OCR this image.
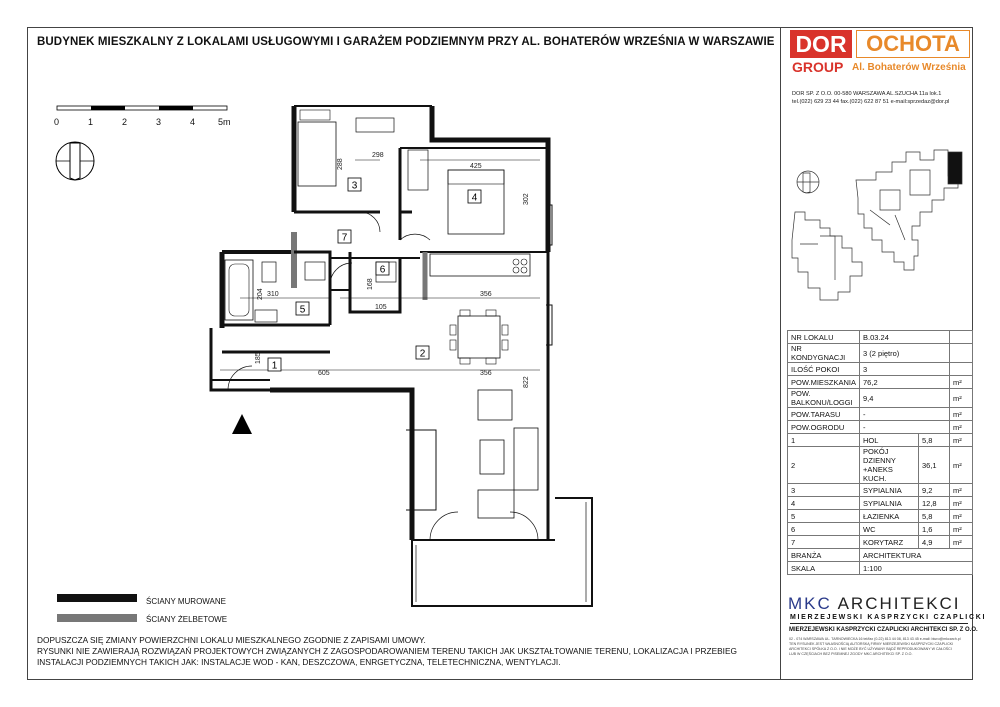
BUDYNEK MIESZKALNY Z LOKALAMI USŁUGOWYMI I GARAŻEM PODZIEMNYM PRZY AL. BOHATERÓW WRZEŚNIA W WARSZAWIE DOR OCHOTA
GROUP Al. Bohaterów Września
DOR SP. Z O.O. 00-580 WARSZAWA AL.SZUCHA 11a lok.1
tel.(022) 629 23 44 fax.(022) 622 87 51 e-mail:sprzedaz@dor.pl
3
4
7
6
5
2
1
298
288	425
302
310
204	356
105
168
185
605	356
822
0	1	2	3	4	5m
NR LOKALU	B.03.24		
NR KONDYGNACJI	3 (2 piętro)		
ILOŚĆ POKOI	3		
POW.MIESZKANIA	76,2		m²
POW. BALKONU/LOGGI	9,4		m²
POW.TARASU	-		m²
POW.OGRODU	-		m²
1	HOL	5,8	m²
2	POKÓJ DZIENNY +ANEKS KUCH.	36,1	m²
3	SYPIALNIA	9,2	m²
4	SYPIALNIA	12,8	m²
5	ŁAZIENKA	5,8	m²
6	WC	1,6	m²
7	KORYTARZ	4,9	m²
BRANŻA	ARCHITEKTURA		
SKALA	1:100		
MKC ARCHITEKCI
MIERZEJEWSKI KASPRZYCKI CZAPLICKI
MIERZEJEWSKI KASPRZYCKI CZAPLICKI ARCHITEKCI SP. Z O.O.
02 - 074 WARSZAWA UL. TARNOWIECKA 16 tel/fax (0-22) 813 44 08, 813 43 45 e-mail: biuro@mkcarch.pl
TEN RYSUNEK JEST WŁASNOŚCIĄ AUTORSKĄ FIRMY MIERZEJEWSKI KASPRZYCKI CZAPLICKI
ARCHITEKCI SPÓŁKA Z O.O. I NIE MOŻE BYĆ UŻYWANY BĄDŹ REPRODUKOWANY W CAŁOŚCI
LUB W CZĘŚCIACH BEZ PISEMNEJ ZGODY MKC ARCHITEKCI SP. Z O.O.
ŚCIANY MUROWANE
ŚCIANY ŻELBETOWE
DOPUSZCZA SIĘ ZMIANY POWIERZCHNI LOKALU MIESZKALNEGO ZGODNIE Z ZAPISAMI UMOWY.
RYSUNKI NIE ZAWIERAJĄ ROZWIĄZAŃ PROJEKTOWYCH ZWIĄZANYCH Z ZAGOSPODAROWANIEM TERENU TAKICH JAK UKSZTAŁTOWANIE TERENU, LOKALIZACJA I PRZEBIEG
INSTALACJI PODZIEMNYCH TAKICH JAK: INSTALACJE WOD - KAN, DESZCZOWA, ENRGETYCZNA, TELETECHNICZNA, WENTYLACJI.
